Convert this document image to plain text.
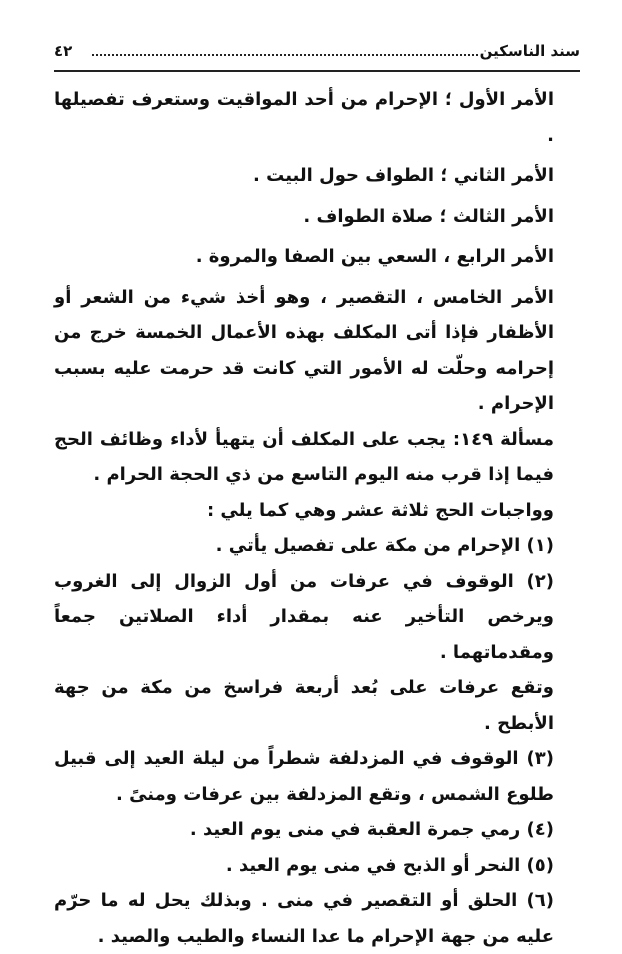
سند الناسكين
٤٢

الأمر الأول ؛ الإحرام من أحد المواقيت وستعرف تفصيلها .

الأمر الثاني ؛ الطواف حول البيت .

الأمر الثالث ؛ صلاة الطواف .

الأمر الرابع ، السعي بين الصفا والمروة .

الأمر الخامس ، التقصير ، وهو أخذ شيء من الشعر أو الأظفار فإذا أتى المكلف بهذه الأعمال الخمسة خرج من إحرامه وحلّت له الأمور التي كانت قد حرمت عليه بسبب الإحرام .

مسألة ١٤٩: يجب على المكلف أن يتهيأ لأداء وظائف الحج فيما إذا قرب منه اليوم التاسع من ذي الحجة الحرام .

وواجبات الحج ثلاثة عشر وهي كما يلي :

(١) الإحرام من مكة على تفصيل يأتي .

(٢) الوقوف في عرفات من أول الزوال إلى الغروب ويرخص التأخير عنه بمقدار أداء الصلاتين جمعاً ومقدماتهما .

وتقع عرفات على بُعد أربعة فراسخ من مكة من جهة الأبطح .

(٣) الوقوف في المزدلفة شطراً من ليلة العيد إلى قبيل طلوع الشمس ، وتقع المزدلفة بين عرفات ومنىً .

(٤) رمي جمرة العقبة في منى يوم العيد .

(٥) النحر أو الذبح في منى يوم العيد .

(٦) الحلق أو التقصير في منى . وبذلك يحل له ما حرّم عليه من جهة الإحرام ما عدا النساء والطيب والصيد .
